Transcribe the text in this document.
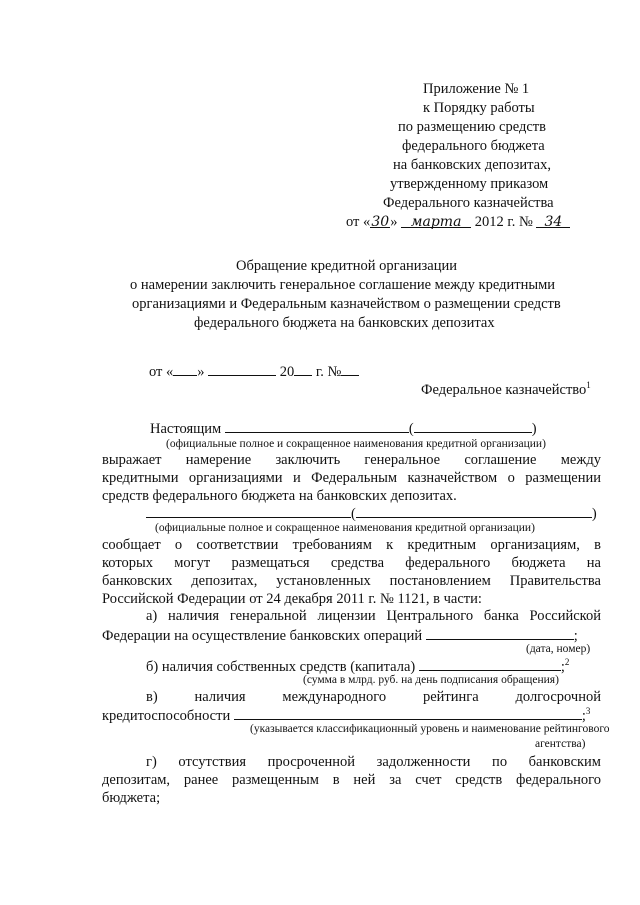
Приложение № 1
к Порядку работы
по размещению средств
федерального бюджета
на банковских депозитах,
утвержденному приказом
Федерального казначейства
от «30» марта 2012 г. № 34
Обращение кредитной организации
о намерении заключить генеральное соглашение между кредитными
организациями и Федеральным казначейством о размещении средств
федерального бюджета на банковских депозитах
от « »	20 г. №
Федеральное казначейство$^1$
Настоящим	(	)
(официальные полное и сокращенное наименования кредитной организации)
выражает намерение заключить генеральное соглашение между
кредитными организациями и Федеральным казначейством о размещении
средств федерального бюджета на банковских депозитах.
(	)
(официальные полное и сокращенное наименования кредитной организации)
сообщает о соответствии требованиям к кредитным организациям, в
которых могут размещаться средства федерального бюджета на
банковских депозитах, установленных постановлением Правительства
Российской Федерации от 24 декабря 2011 г. № 1121, в части:
а) наличия генеральной лицензии Центрального банка Российской
Федерации на осуществление банковских операций	;
(дата, номер)
б) наличия собственных средств (капитала)	;$^2$
(сумма в млрд. руб. на день подписания обращения)
в) наличия международного рейтинга долгосрочной
кредитоспособности	;$^3$
(указывается классификационный уровень и наименование рейтингового
агентства)
г) отсутствия просроченной задолженности по банковским
депозитам, ранее размещенным в ней за счет средств федерального
бюджета;
